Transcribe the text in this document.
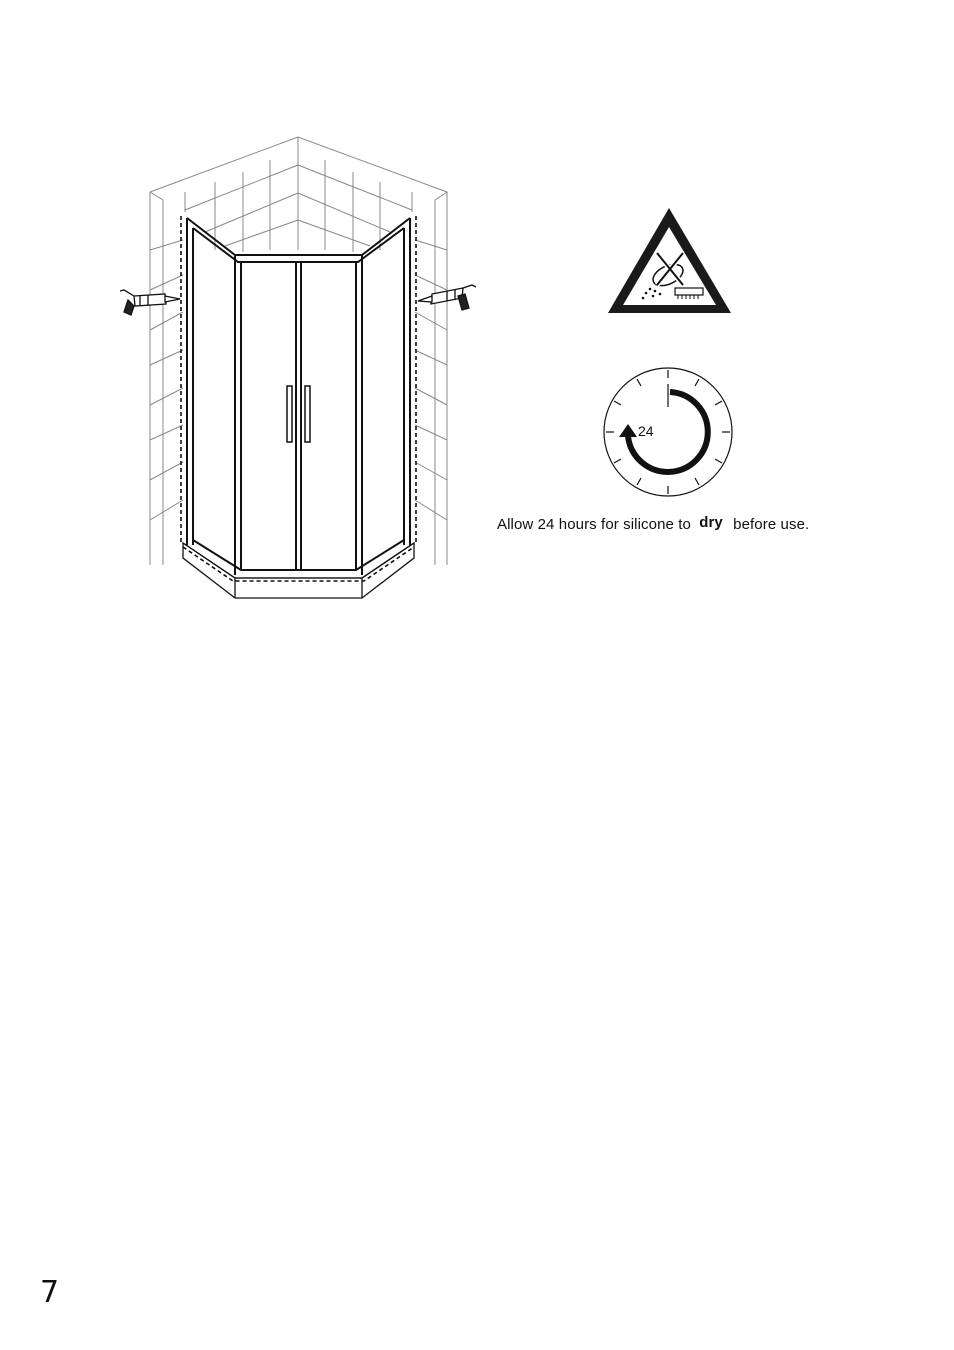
24
Allow 24 hours for silicone to dry before use.
7
